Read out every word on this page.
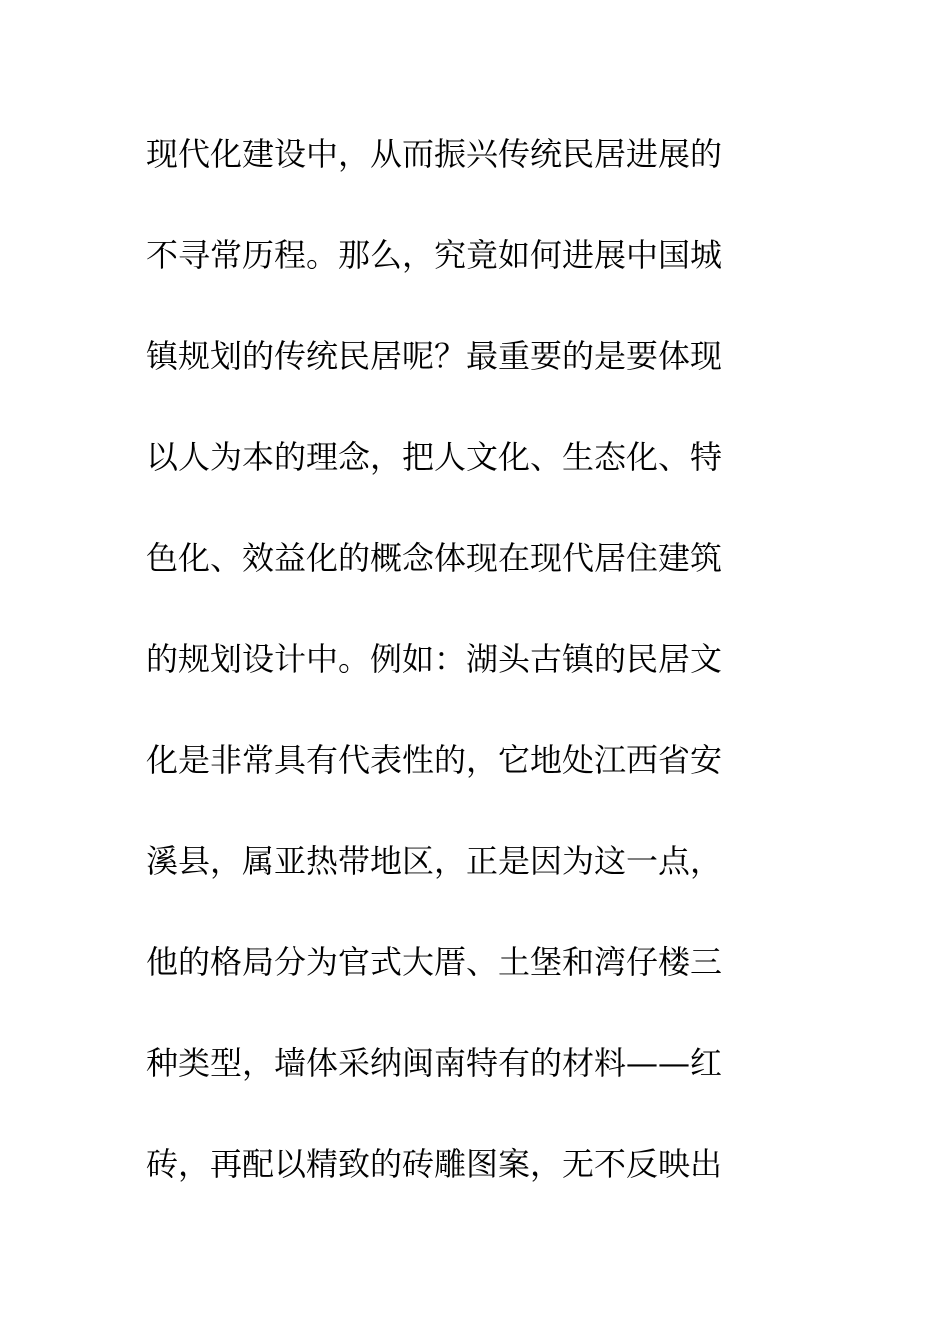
现代化建设中，从而振兴传统民居进展的
不寻常历程。那么，究竟如何进展中国城
镇规划的传统民居呢？最重要的是要体现
以人为本的理念，把人文化、生态化、特
色化、效益化的概念体现在现代居住建筑
的规划设计中。例如：湖头古镇的民居文
化是非常具有代表性的，它地处江西省安
溪县，属亚热带地区，正是因为这一点，
他的格局分为官式大厝、土堡和湾仔楼三
种类型，墙体采纳闽南特有的材料——红
砖，再配以精致的砖雕图案，无不反映出
